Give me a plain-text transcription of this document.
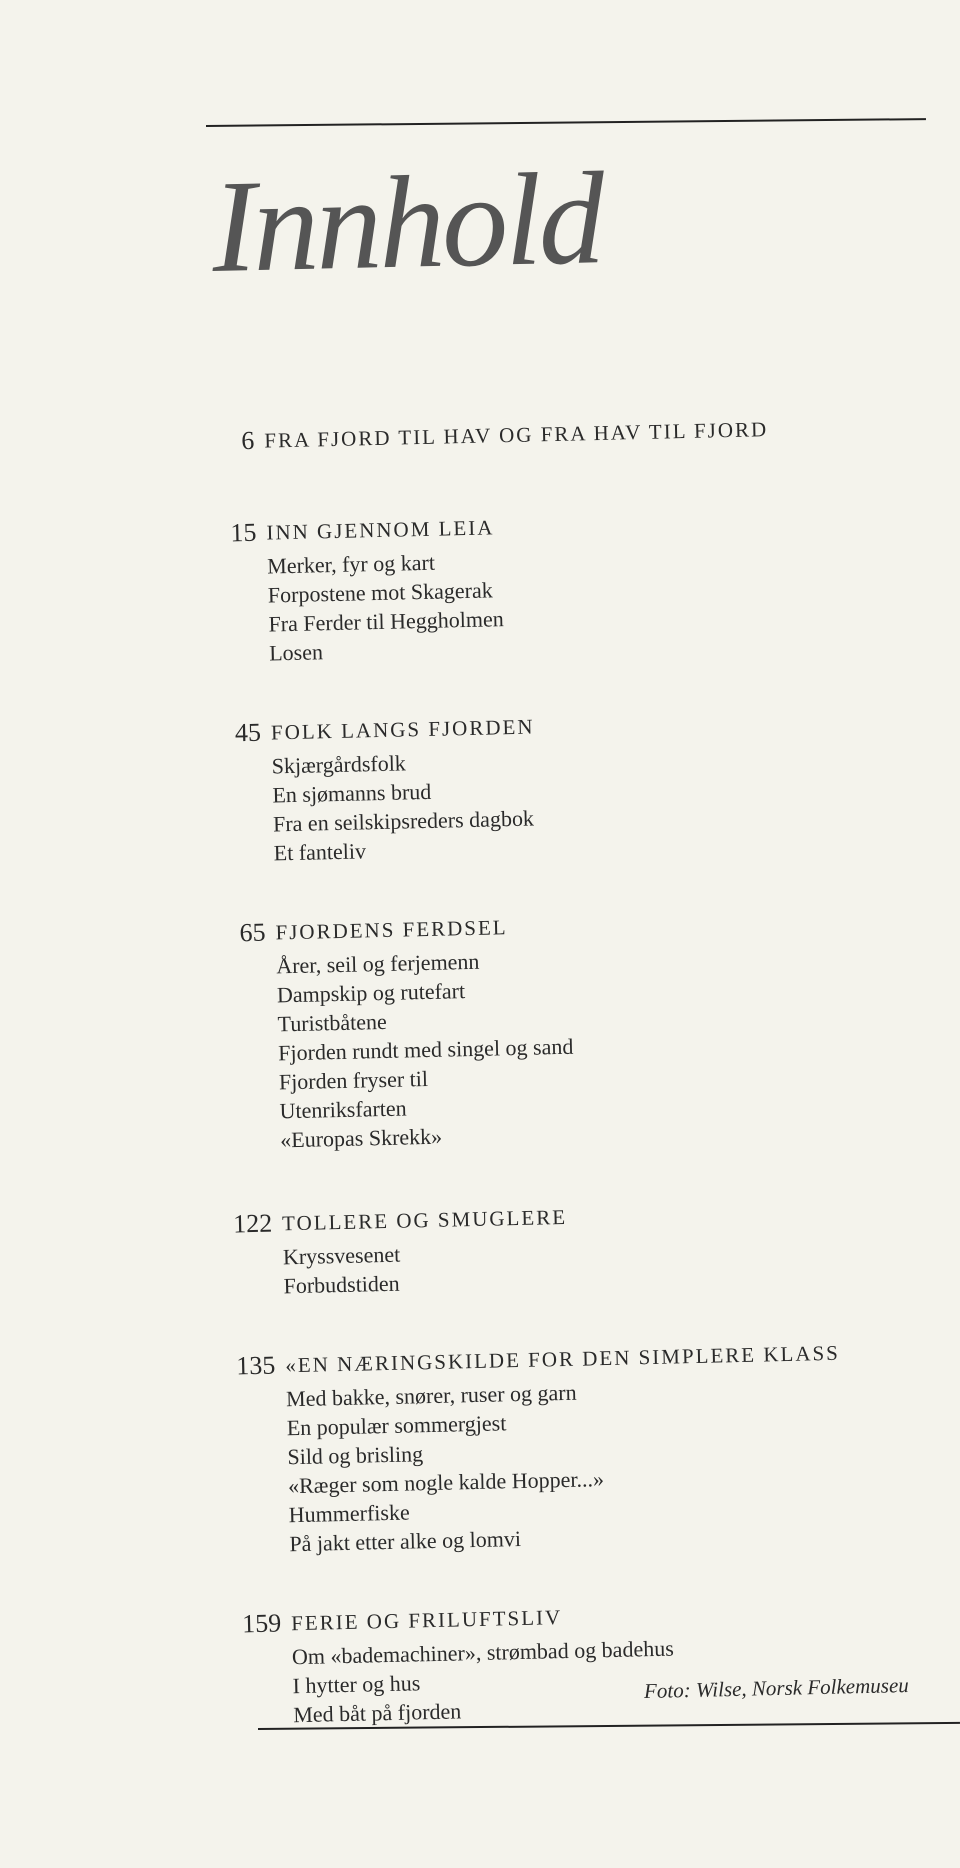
Innhold
6 FRA FJORD TIL HAV OG FRA HAV TIL FJORD
15 INN GJENNOM LEIA
Merker, fyr og kart
Forpostene mot Skagerak
Fra Ferder til Heggholmen
Losen
45 FOLK LANGS FJORDEN
Skjærgårdsfolk
En sjømanns brud
Fra en seilskipsreders dagbok
Et fanteliv
65 FJORDENS FERDSEL
Årer, seil og ferjemenn
Dampskip og rutefart
Turistbåtene
Fjorden rundt med singel og sand
Fjorden fryser til
Utenriksfarten
«Europas Skrekk»
122 TOLLERE OG SMUGLERE
Kryssvesenet
Forbudstiden
135 «EN NÆRINGSKILDE FOR DEN SIMPLERE KLASS
Med bakke, snører, ruser og garn
En populær sommergjest
Sild og brisling
«Ræger som nogle kalde Hopper...»
Hummerfiske
På jakt etter alke og lomvi
159 FERIE OG FRILUFTSLIV
Om «bademachiner», strømbad og badehus
I hytter og hus
Med båt på fjorden
Foto: Wilse, Norsk Folkemuseu
